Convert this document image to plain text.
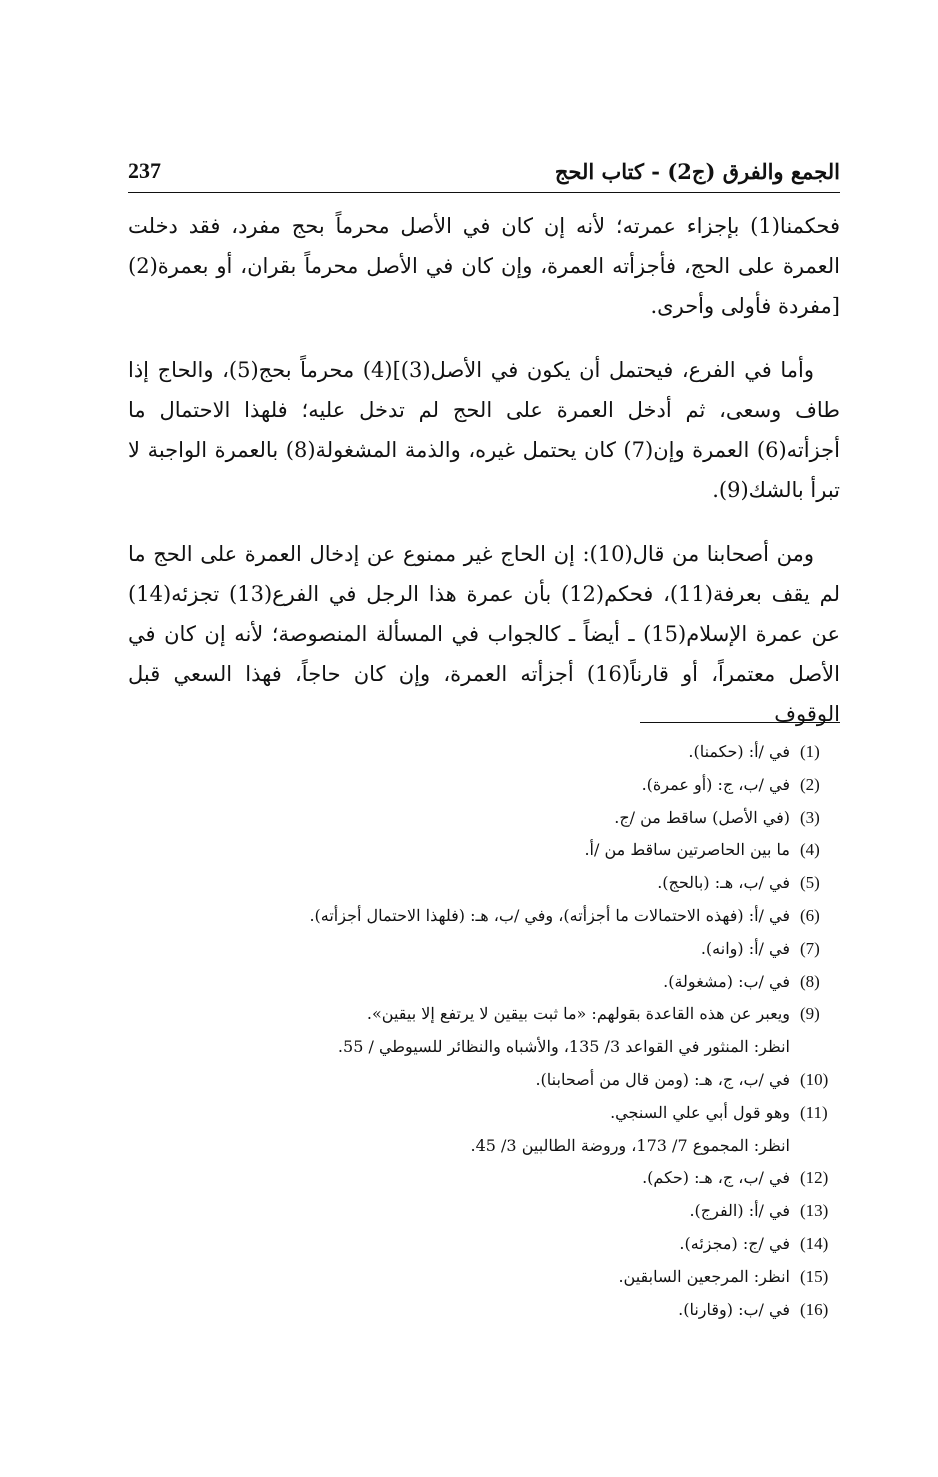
الجمع والفرق (ج2) - كتاب الحج
237

فحكمنا(1) بإجزاء عمرته؛ لأنه إن كان في الأصل محرماً بحج مفرد، فقد دخلت العمرة على الحج، فأجزأته العمرة، وإن كان في الأصل محرماً بقران، أو بعمرة(2) [مفردة فأولى وأحرى.

وأما في الفرع، فيحتمل أن يكون في الأصل(3)](4) محرماً بحج(5)، والحاج إذا طاف وسعى، ثم أدخل العمرة على الحج لم تدخل عليه؛ فلهذا الاحتمال ما أجزأته(6) العمرة وإن(7) كان يحتمل غيره، والذمة المشغولة(8) بالعمرة الواجبة لا تبرأ بالشك(9).

ومن أصحابنا من قال(10): إن الحاج غير ممنوع عن إدخال العمرة على الحج ما لم يقف بعرفة(11)، فحكم(12) بأن عمرة هذا الرجل في الفرع(13) تجزئه(14) عن عمرة الإسلام(15) ـ أيضاً ـ كالجواب في المسألة المنصوصة؛ لأنه إن كان في الأصل معتمراً، أو قارناً(16) أجزأته العمرة، وإن كان حاجاً، فهذا السعي قبل الوقوف

(1)
في /أ: (حكمنا).
(2)
في /ب، ج: (أو عمرة).
(3)
(في الأصل) ساقط من /ج.
(4)
ما بين الحاصرتين ساقط من /أ.
(5)
في /ب، هـ: (بالحج).
(6)
في /أ: (فهذه الاحتمالات ما أجزأته)، وفي /ب، هـ: (فلهذا الاحتمال أجزأته).
(7)
في /أ: (وانه).
(8)
في /ب: (مشغولة).
(9)
ويعبر عن هذه القاعدة بقولهم: «ما ثبت بيقين لا يرتفع إلا بيقين».
انظر: المنثور في القواعد 3/ 135، والأشباه والنظائر للسيوطي / 55.
(10)
في /ب، ج، هـ: (ومن قال من أصحابنا).
(11)
وهو قول أبي علي السنجي.
انظر: المجموع 7/ 173، وروضة الطالبين 3/ 45.
(12)
في /ب، ج، هـ: (حكم).
(13)
في /أ: (الفرج).
(14)
في /ج: (مجزئه).
(15)
انظر: المرجعين السابقين.
(16)
في /ب: (وقارنا).
